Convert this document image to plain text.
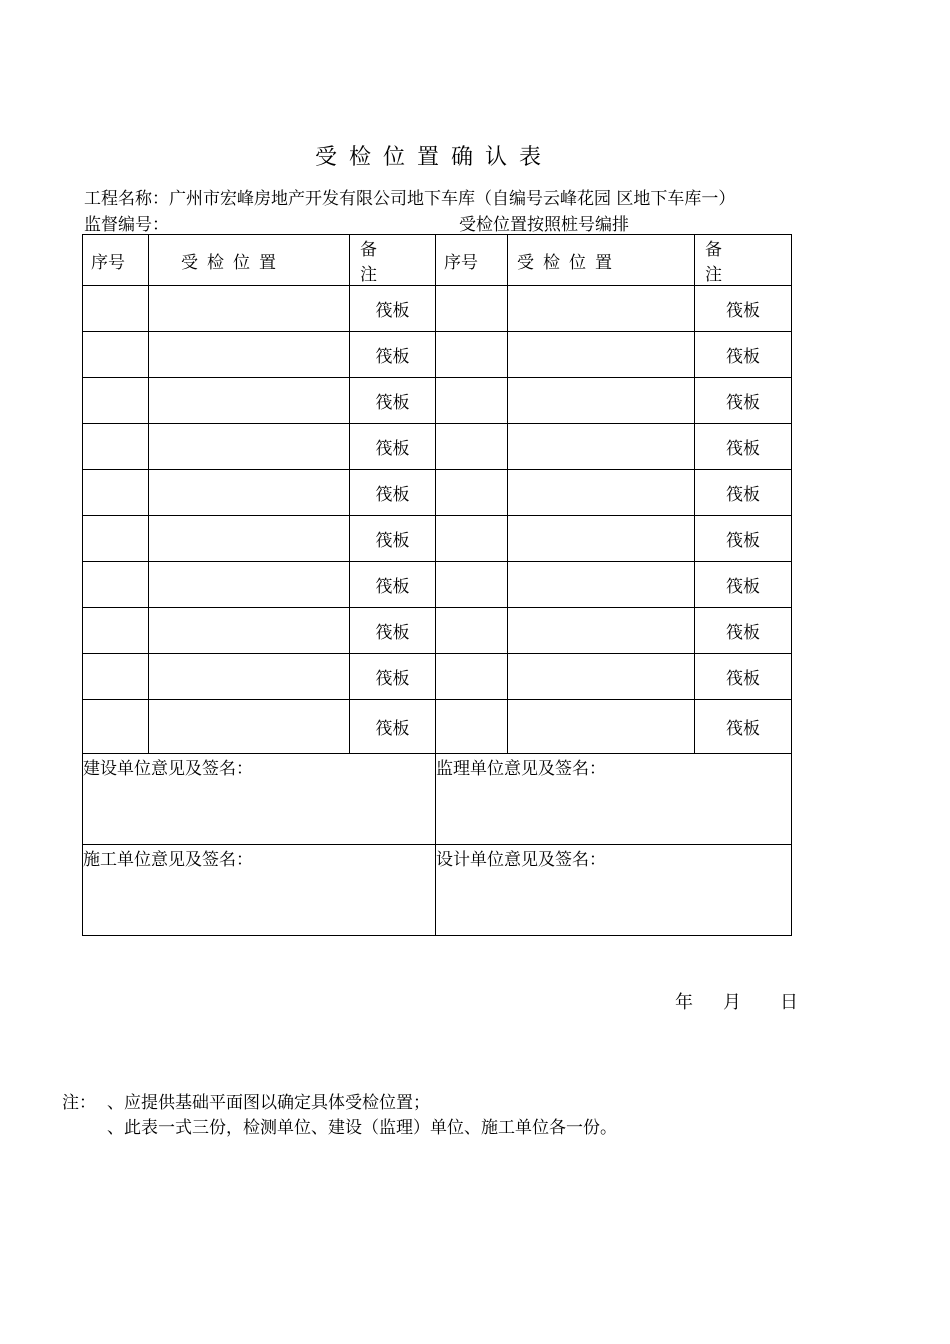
受检位置确认表
工程名称：广州市宏峰房地产开发有限公司地下车库（自编号云峰花园 区地下车库一）
监督编号：	受检位置按照桩号编排
序号	受检位置	备 注	序号	受检位置	备 注
		筏板			筏板
		筏板			筏板
		筏板			筏板
		筏板			筏板
		筏板			筏板
		筏板			筏板
		筏板			筏板
		筏板			筏板
		筏板			筏板
		筏板			筏板
建设单位意见及签名：			监理单位意见及签名：		
施工单位意见及签名：			设计单位意见及签名：		
年 月 日
注： 、应提供基础平面图以确定具体受检位置；
、此表一式三份，检测单位、建设（监理）单位、施工单位各一份。
